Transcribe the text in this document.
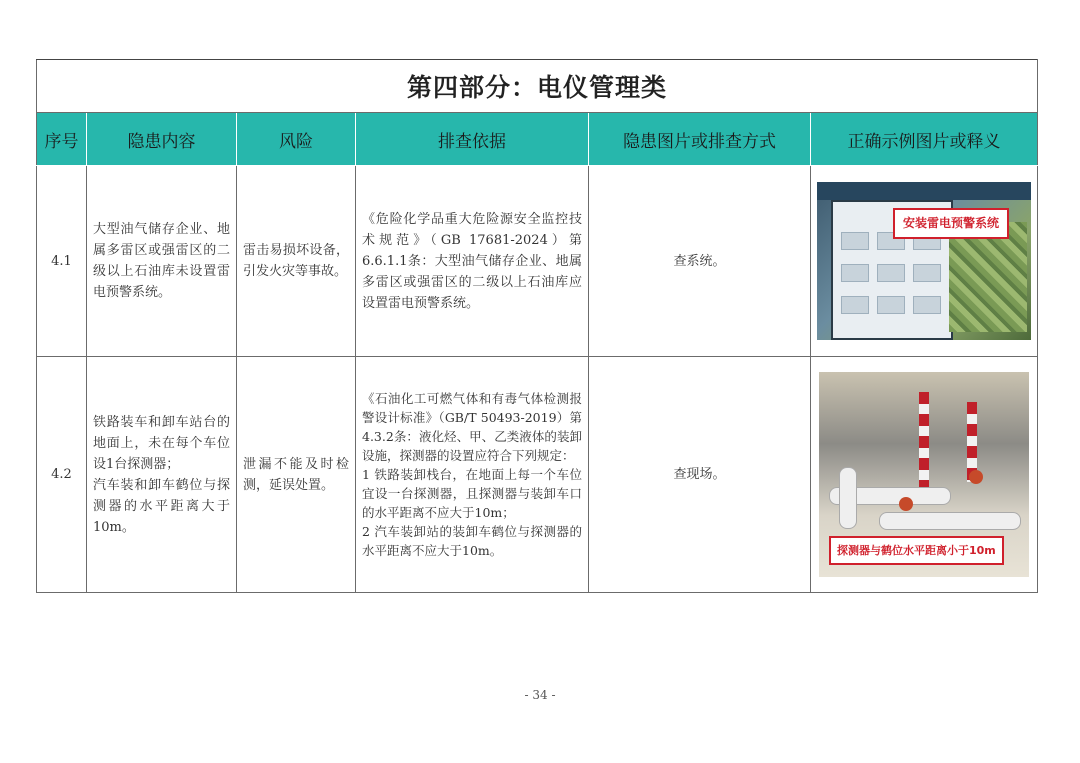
第四部分：电仪管理类					
序号	隐患内容	风险	排查依据	隐患图片或排查方式	正确示例图片或释义
4.1	大型油气储存企业、地属多雷区或强雷区的二级以上石油库未设置雷电预警系统。	雷击易损坏设备，引发火灾等事故。	《危险化学品重大危险源安全监控技术规范》（GB 17681-2024）第6.6.1.1条：大型油气储存企业、地属多雷区或强雷区的二级以上石油库应设置雷电预警系统。	查系统。	安装雷电预警系统

4.2	铁路装车和卸车站台的地面上，未在每个车位设1台探测器；
汽车装和卸车鹤位与探测器的水平距离大于10m。	泄漏不能及时检测，延误处置。	《石油化工可燃气体和有毒气体检测报警设计标准》（GB/T 50493-2019）第4.3.2条：液化烃、甲、乙类液体的装卸设施，探测器的设置应符合下列规定：
1 铁路装卸栈台，在地面上每一个车位宜设一台探测器，且探测器与装卸车口的水平距离不应大于10m；
2 汽车装卸站的装卸车鹤位与探测器的水平距离不应大于10m。	查现场。	探测器与鹤位水平距离小于10m
- 34 -
